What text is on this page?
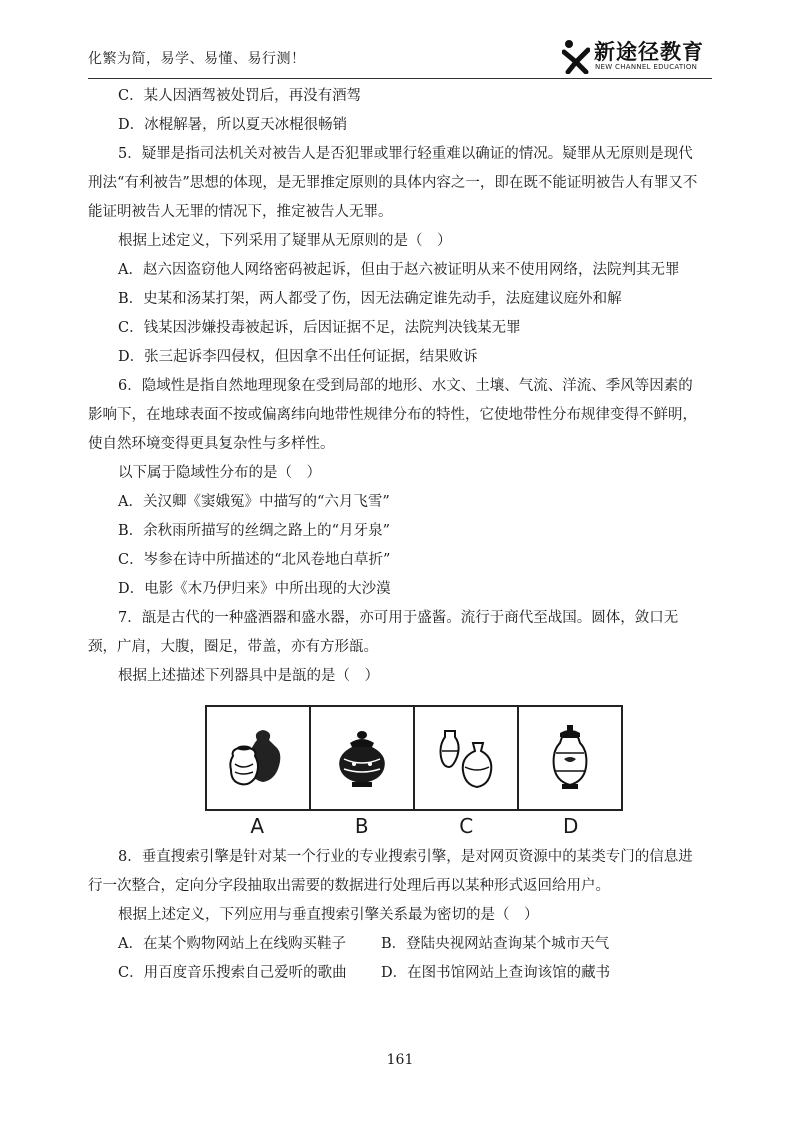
化繁为简，易学、易懂、易行测！	新途径教育
NEW CHANNEL EDUCATION

C．某人因酒驾被处罚后，再没有酒驾

D．冰棍解暑，所以夏天冰棍很畅销

5．疑罪是指司法机关对被告人是否犯罪或罪行轻重难以确证的情况。疑罪从无原则是现代刑法“有利被告”思想的体现，是无罪推定原则的具体内容之一，即在既不能证明被告人有罪又不能证明被告人无罪的情况下，推定被告人无罪。

根据上述定义，下列采用了疑罪从无原则的是（　）

A．赵六因盗窃他人网络密码被起诉，但由于赵六被证明从来不使用网络，法院判其无罪

B．史某和汤某打架，两人都受了伤，因无法确定谁先动手，法庭建议庭外和解

C．钱某因涉嫌投毒被起诉，后因证据不足，法院判决钱某无罪

D．张三起诉李四侵权，但因拿不出任何证据，结果败诉

6．隐域性是指自然地理现象在受到局部的地形、水文、土壤、气流、洋流、季风等因素的影响下，在地球表面不按或偏离纬向地带性规律分布的特性，它使地带性分布规律变得不鲜明，使自然环境变得更具复杂性与多样性。

以下属于隐域性分布的是（　）

A．关汉卿《窦娥冤》中描写的“六月飞雪”

B．余秋雨所描写的丝绸之路上的“月牙泉”

C．岑参在诗中所描述的“北风卷地白草折”

D．电影《木乃伊归来》中所出现的大沙漠

7．瓿是古代的一种盛酒器和盛水器，亦可用于盛酱。流行于商代至战国。圆体，敛口无颈，广肩，大腹，圈足，带盖，亦有方形瓿。

根据上述描述下列器具中是瓿的是（　）

A	B	C	D

8．垂直搜索引擎是针对某一个行业的专业搜索引擎，是对网页资源中的某类专门的信息进行一次整合，定向分字段抽取出需要的数据进行处理后再以某种形式返回给用户。

根据上述定义，下列应用与垂直搜索引擎关系最为密切的是（　）

A．在某个购物网站上在线购买鞋子	B．登陆央视网站查询某个城市天气
C．用百度音乐搜索自己爱听的歌曲	D．在图书馆网站上查询该馆的藏书
161
